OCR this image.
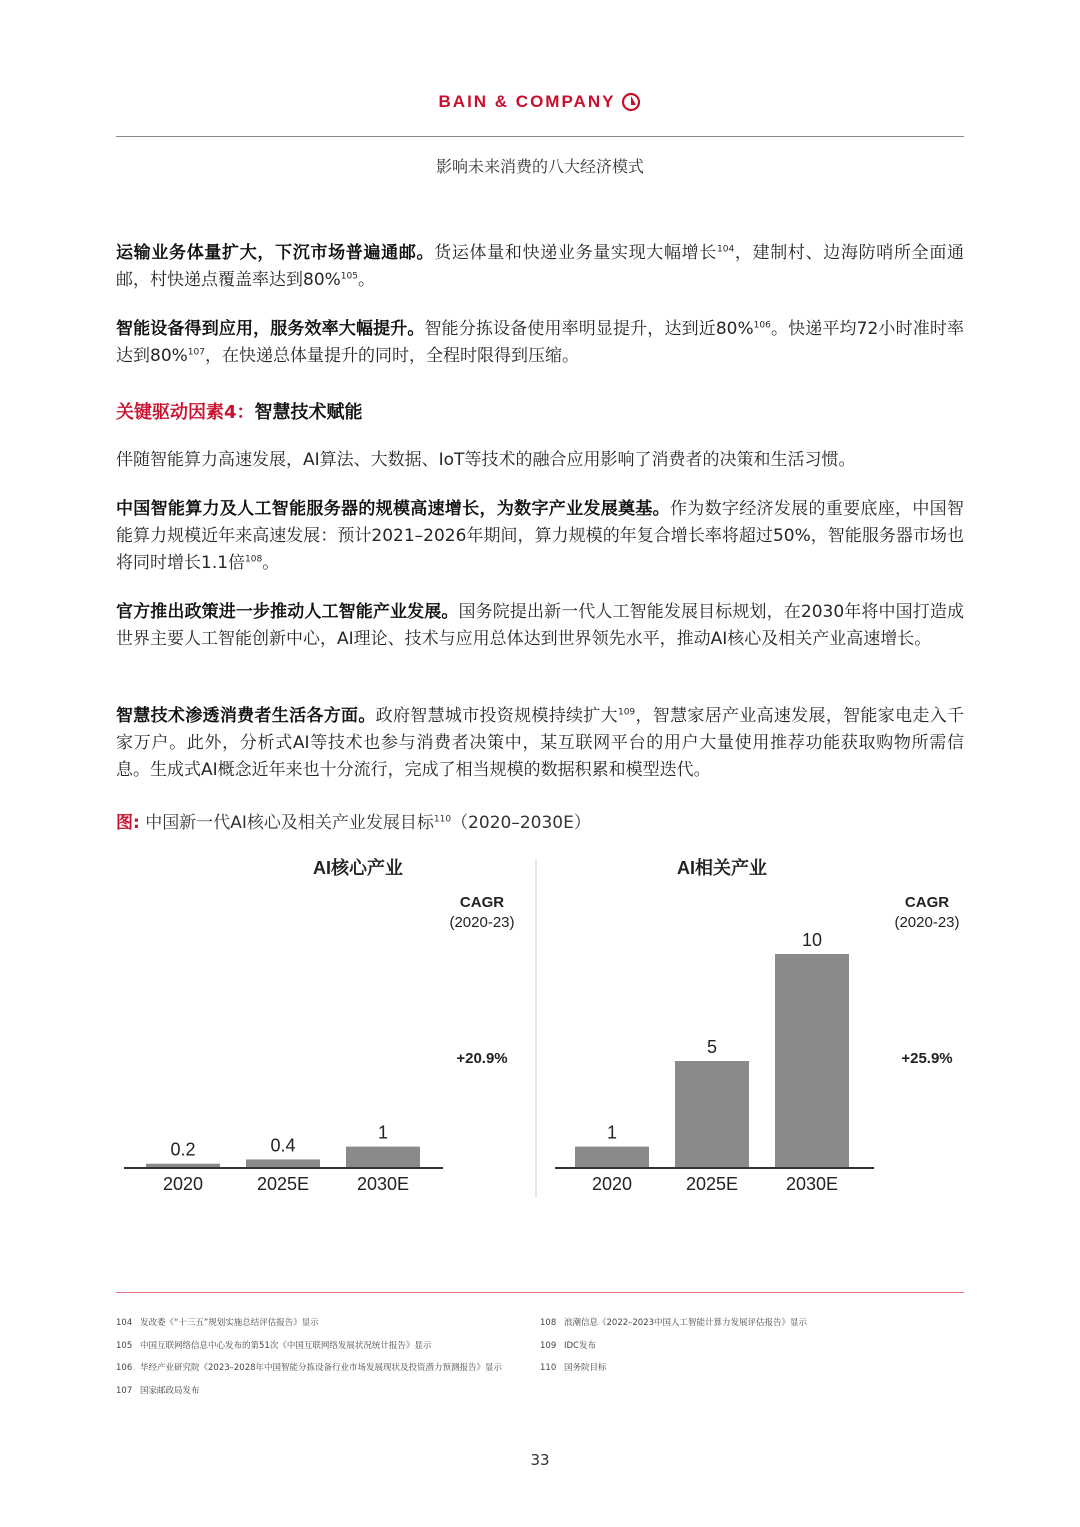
BAIN & COMPANY
影响未来消费的八大经济模式
运输业务体量扩大，下沉市场普遍通邮。货运体量和快递业务量实现大幅增长$^{104}$，建制村、边海防哨所全面通邮，村快递点覆盖率达到80%$^{105}$。
智能设备得到应用，服务效率大幅提升。智能分拣设备使用率明显提升，达到近80%$^{106}$。快递平均72小时准时率达到80%$^{107}$，在快递总体量提升的同时，全程时限得到压缩。
关键驱动因素4：智慧技术赋能
伴随智能算力高速发展，AI算法、大数据、IoT等技术的融合应用影响了消费者的决策和生活习惯。
中国智能算力及人工智能服务器的规模高速增长，为数字产业发展奠基。作为数字经济发展的重要底座，中国智能算力规模近年来高速发展：预计2021–2026年期间，算力规模的年复合增长率将超过50%，智能服务器市场也将同时增长1.1倍$^{108}$。
官方推出政策进一步推动人工智能产业发展。国务院提出新一代人工智能发展目标规划，在2030年将中国打造成世界主要人工智能创新中心，AI理论、技术与应用总体达到世界领先水平，推动AI核心及相关产业高速增长。
智慧技术渗透消费者生活各方面。政府智慧城市投资规模持续扩大$^{109}$，智慧家居产业高速发展，智能家电走入千家万户。此外，分析式AI等技术也参与消费者决策中，某互联网平台的用户大量使用推荐功能获取购物所需信息。生成式AI概念近年来也十分流行，完成了相当规模的数据积累和模型迭代。
图: 中国新一代AI核心及相关产业发展目标$^{110}$（2020–2030E）
AI核心产业
CAGR
(2020-23)
+20.9%
0.2
2020
0.4
2025E
1
2030E
AI相关产业
CAGR
(2020-23)
+25.9%
1
2020
5
2025E
10
2030E
104 发改委《“十三五”规划实施总结评估报告》显示
105 中国互联网络信息中心发布的第51次《中国互联网络发展状况统计报告》显示
106 华经产业研究院《2023–2028年中国智能分拣设备行业市场发展现状及投资潜力预测报告》显示
107 国家邮政局发布
108 浪潮信息《2022–2023中国人工智能计算力发展评估报告》显示
109 IDC发布
110 国务院目标
33
